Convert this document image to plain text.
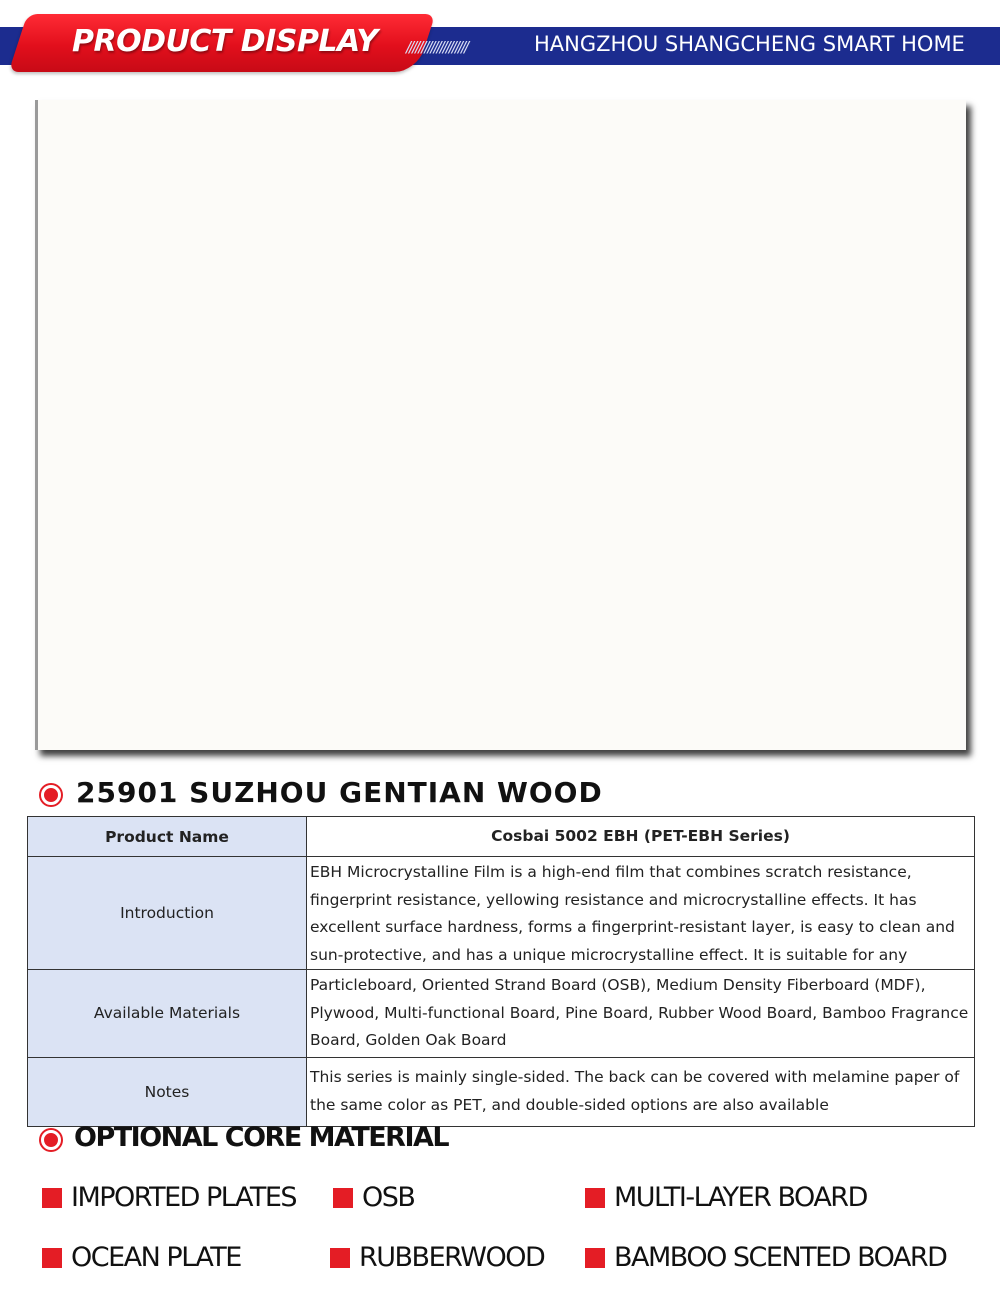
PRODUCT DISPLAY ////////////////////	HANGZHOU SHANGCHENG SMART HOME
25901 SUZHOU GENTIAN WOOD
Product Name	Cosbai 5002 EBH (PET-EBH Series)
Introduction	EBH Microcrystalline Film is a high-end film that combines scratch resistance, fingerprint resistance, yellowing resistance and microcrystalline effects. It has excellent surface hardness, forms a fingerprint-resistant layer, is easy to clean and sun-protective, and has a unique microcrystalline effect. It is suitable for any

Available Materials	Particleboard, Oriented Strand Board (OSB), Medium Density Fiberboard (MDF), Plywood, Multi-functional Board, Pine Board, Rubber Wood Board, Bamboo Fragrance Board, Golden Oak Board
Notes	This series is mainly single-sided. The back can be covered with melamine paper of the same color as PET, and double-sided options are also available
OPTIONAL CORE MATERIAL
IMPORTED PLATES OSB	MULTI-LAYER BOARD
OCEAN PLATE	RUBBERWOOD	BAMBOO SCENTED BOARD
